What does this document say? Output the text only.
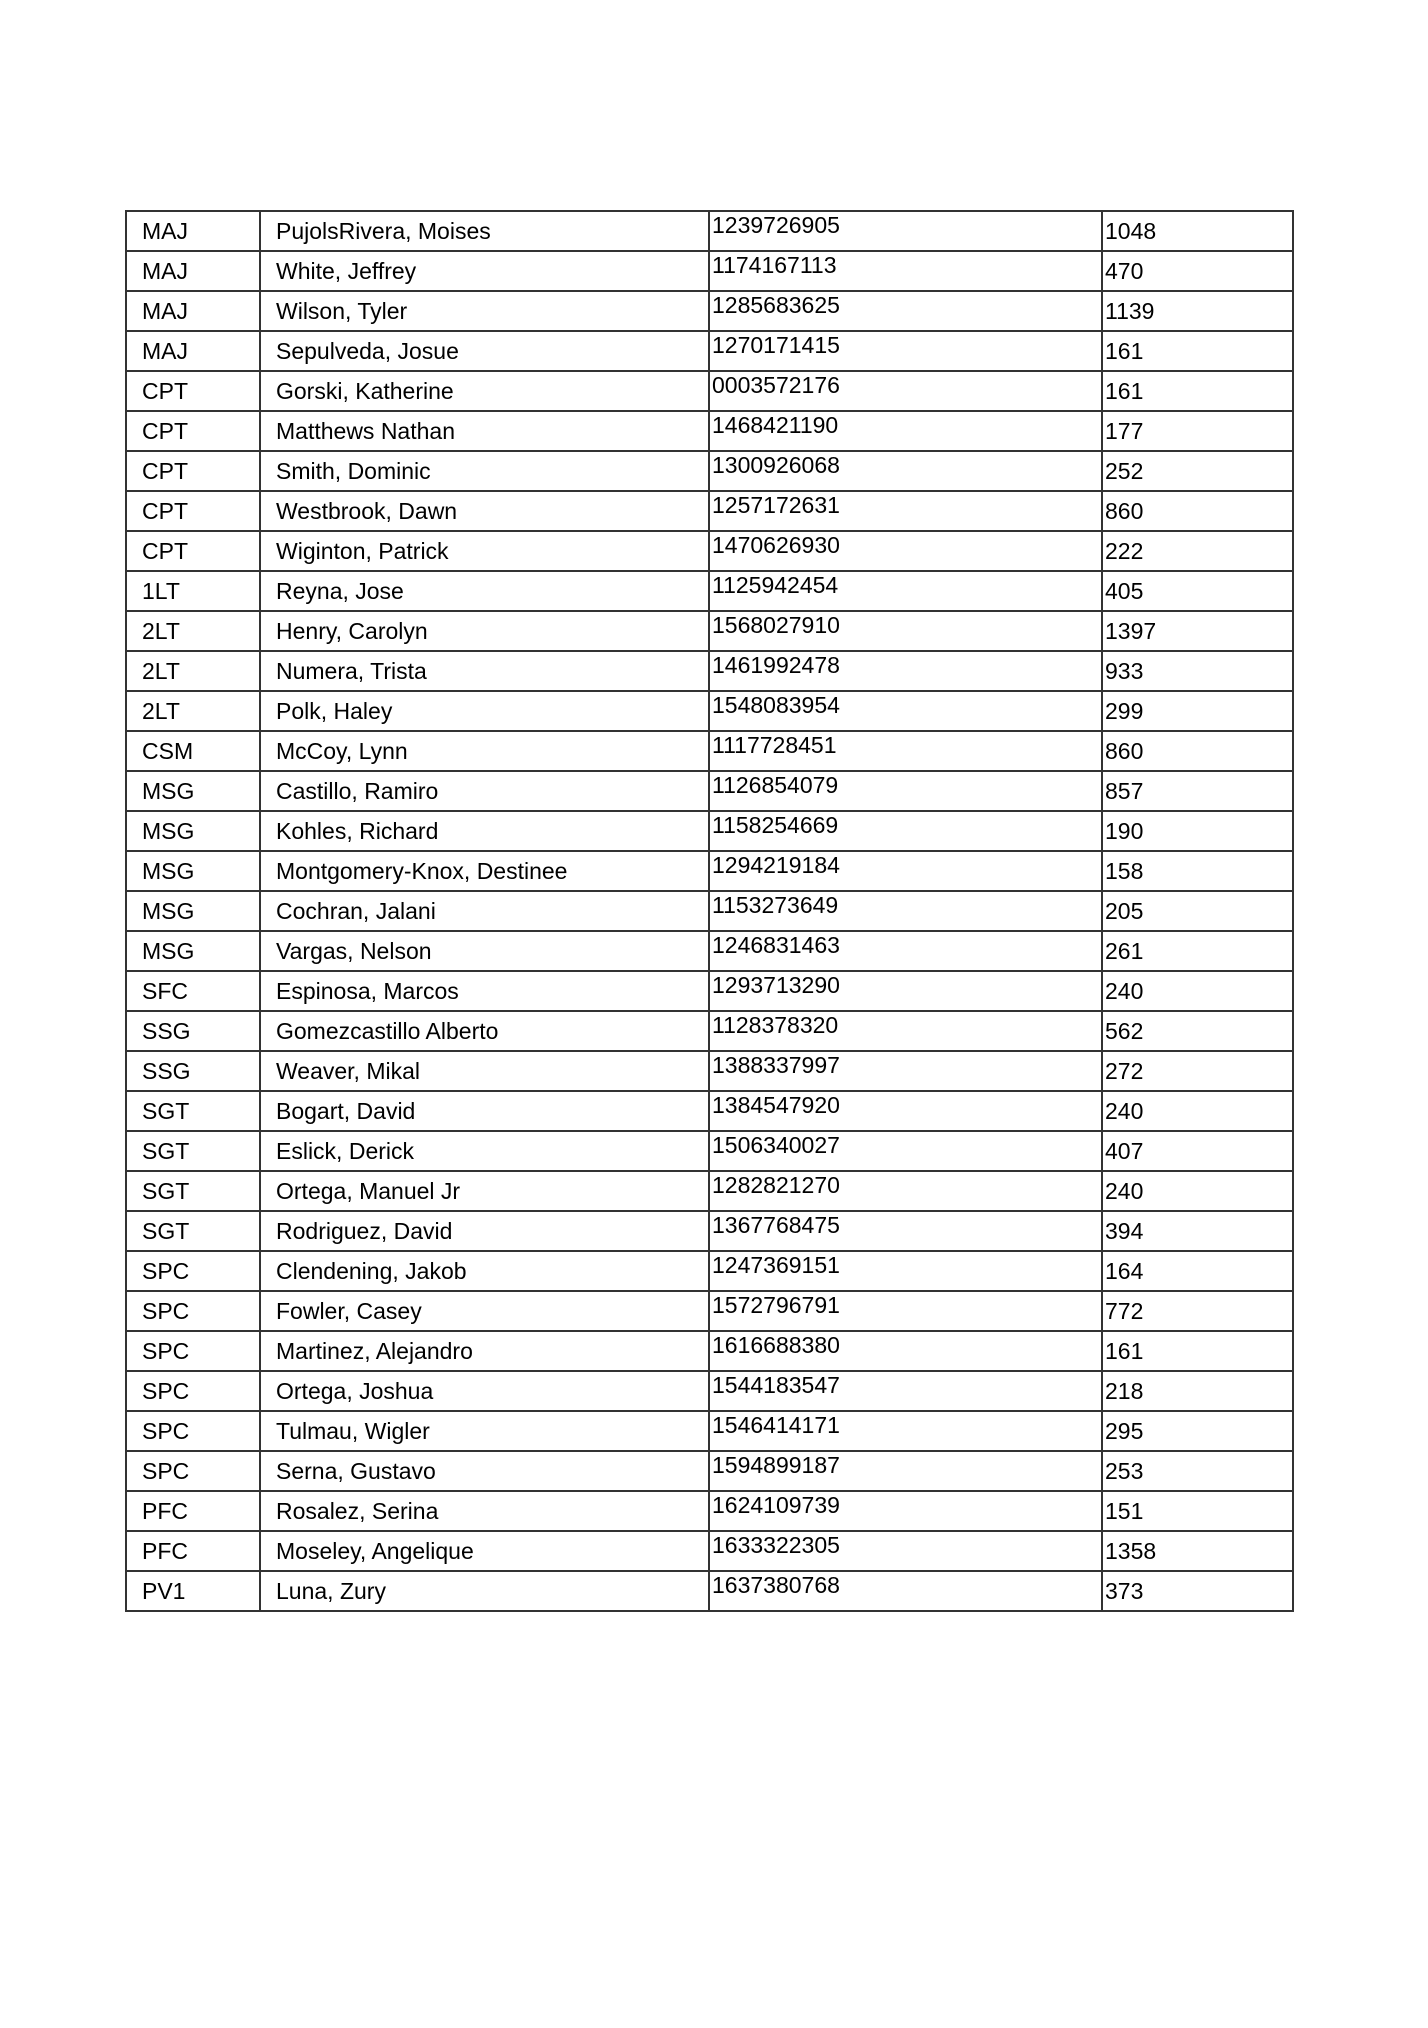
MAJ	PujolsRivera, Moises	1239726905	1048
MAJ	White, Jeffrey	1174167113	470
MAJ	Wilson, Tyler	1285683625	1139
MAJ	Sepulveda, Josue	1270171415	161
CPT	Gorski, Katherine	0003572176	161
CPT	Matthews Nathan	1468421190	177
CPT	Smith, Dominic	1300926068	252
CPT	Westbrook, Dawn	1257172631	860
CPT	Wiginton, Patrick	1470626930	222
1LT	Reyna, Jose	1125942454	405
2LT	Henry, Carolyn	1568027910	1397
2LT	Numera, Trista	1461992478	933
2LT	Polk, Haley	1548083954	299
CSM	McCoy, Lynn	1117728451	860
MSG	Castillo, Ramiro	1126854079	857
MSG	Kohles, Richard	1158254669	190
MSG	Montgomery-Knox, Destinee	1294219184	158
MSG	Cochran, Jalani	1153273649	205
MSG	Vargas, Nelson	1246831463	261
SFC	Espinosa, Marcos	1293713290	240
SSG	Gomezcastillo Alberto	1128378320	562
SSG	Weaver, Mikal	1388337997	272
SGT	Bogart, David	1384547920	240
SGT	Eslick, Derick	1506340027	407
SGT	Ortega, Manuel Jr	1282821270	240
SGT	Rodriguez, David	1367768475	394
SPC	Clendening, Jakob	1247369151	164
SPC	Fowler, Casey	1572796791	772
SPC	Martinez, Alejandro	1616688380	161
SPC	Ortega, Joshua	1544183547	218
SPC	Tulmau, Wigler	1546414171	295
SPC	Serna, Gustavo	1594899187	253
PFC	Rosalez, Serina	1624109739	151
PFC	Moseley, Angelique	1633322305	1358
PV1	Luna, Zury	1637380768	373
